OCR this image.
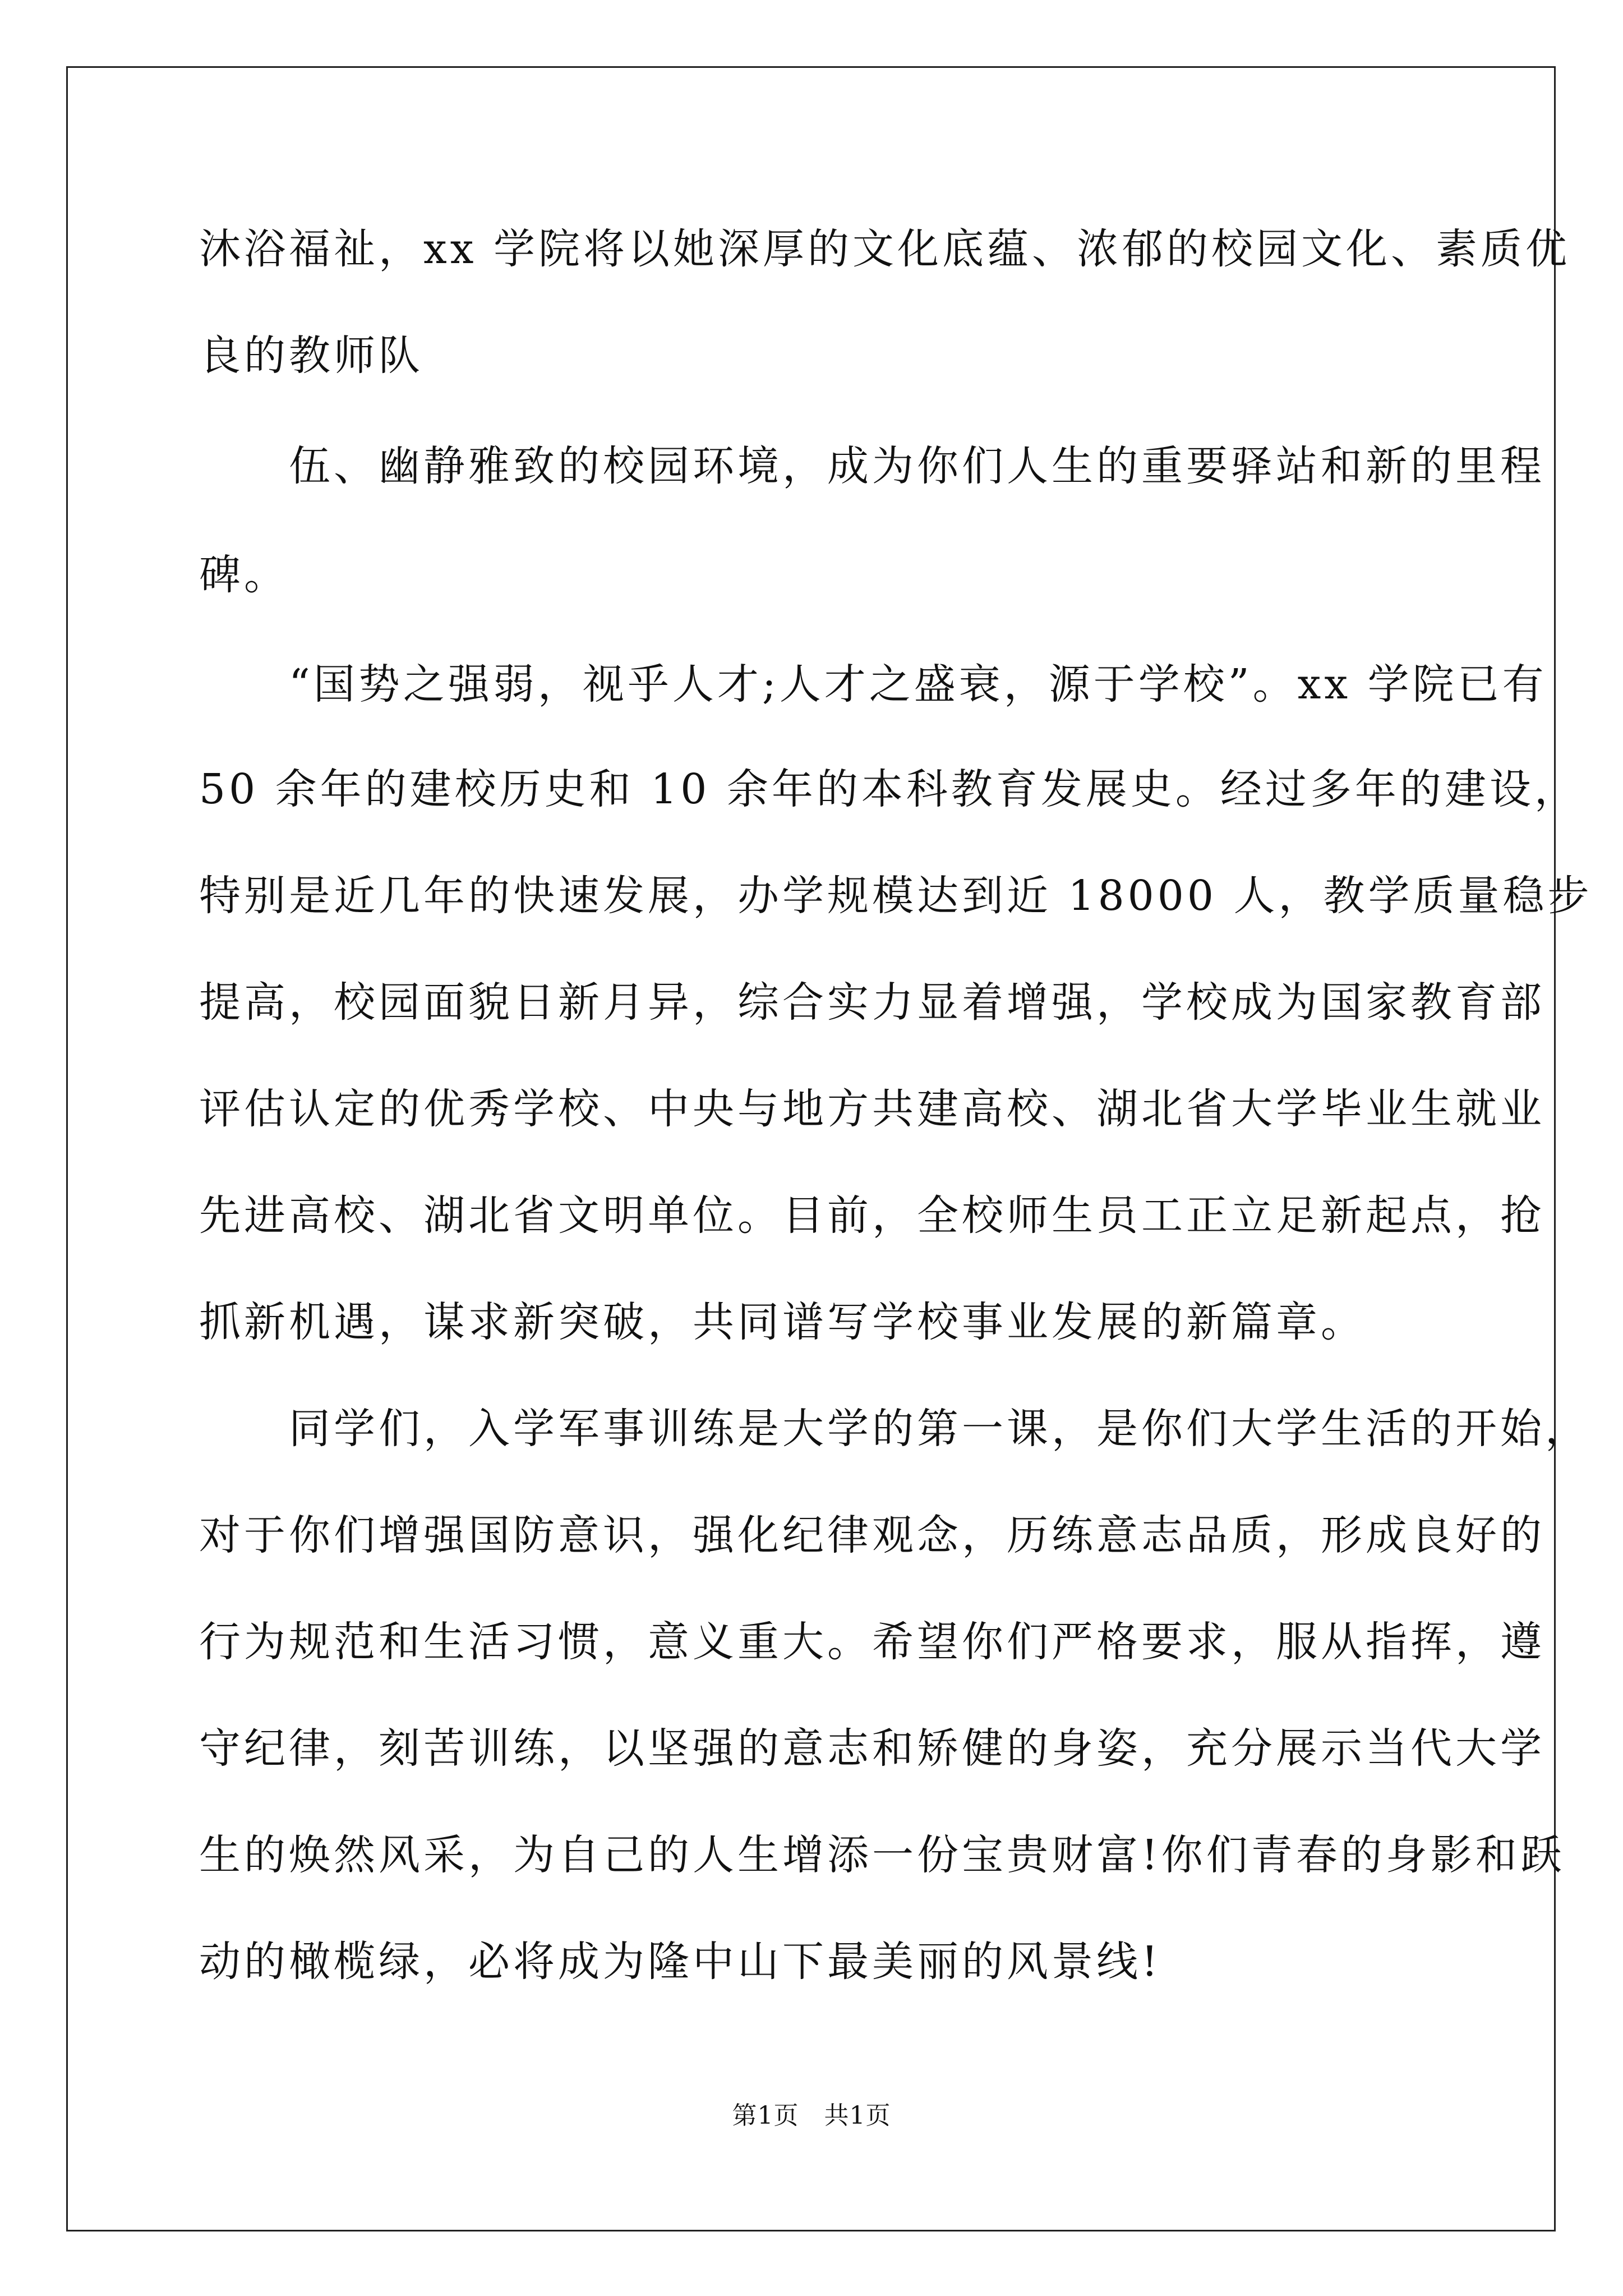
沐浴福祉，xx 学院将以她深厚的文化底蕴、浓郁的校园文化、素质优
良的教师队
　　伍、幽静雅致的校园环境，成为你们人生的重要驿站和新的里程
碑。
　　“国势之强弱，视乎人才;人才之盛衰，源于学校”。xx 学院已有
50 余年的建校历史和 10 余年的本科教育发展史。经过多年的建设，
特别是近几年的快速发展，办学规模达到近 18000 人，教学质量稳步
提高，校园面貌日新月异，综合实力显着增强，学校成为国家教育部
评估认定的优秀学校、中央与地方共建高校、湖北省大学毕业生就业
先进高校、湖北省文明单位。目前，全校师生员工正立足新起点，抢
抓新机遇，谋求新突破，共同谱写学校事业发展的新篇章。
　　同学们，入学军事训练是大学的第一课，是你们大学生活的开始，
对于你们增强国防意识，强化纪律观念，历练意志品质，形成良好的
行为规范和生活习惯，意义重大。希望你们严格要求，服从指挥，遵
守纪律，刻苦训练，以坚强的意志和矫健的身姿，充分展示当代大学
生的焕然风采，为自己的人生增添一份宝贵财富!你们青春的身影和跃
动的橄榄绿，必将成为隆中山下最美丽的风景线!
第1页　共1页
